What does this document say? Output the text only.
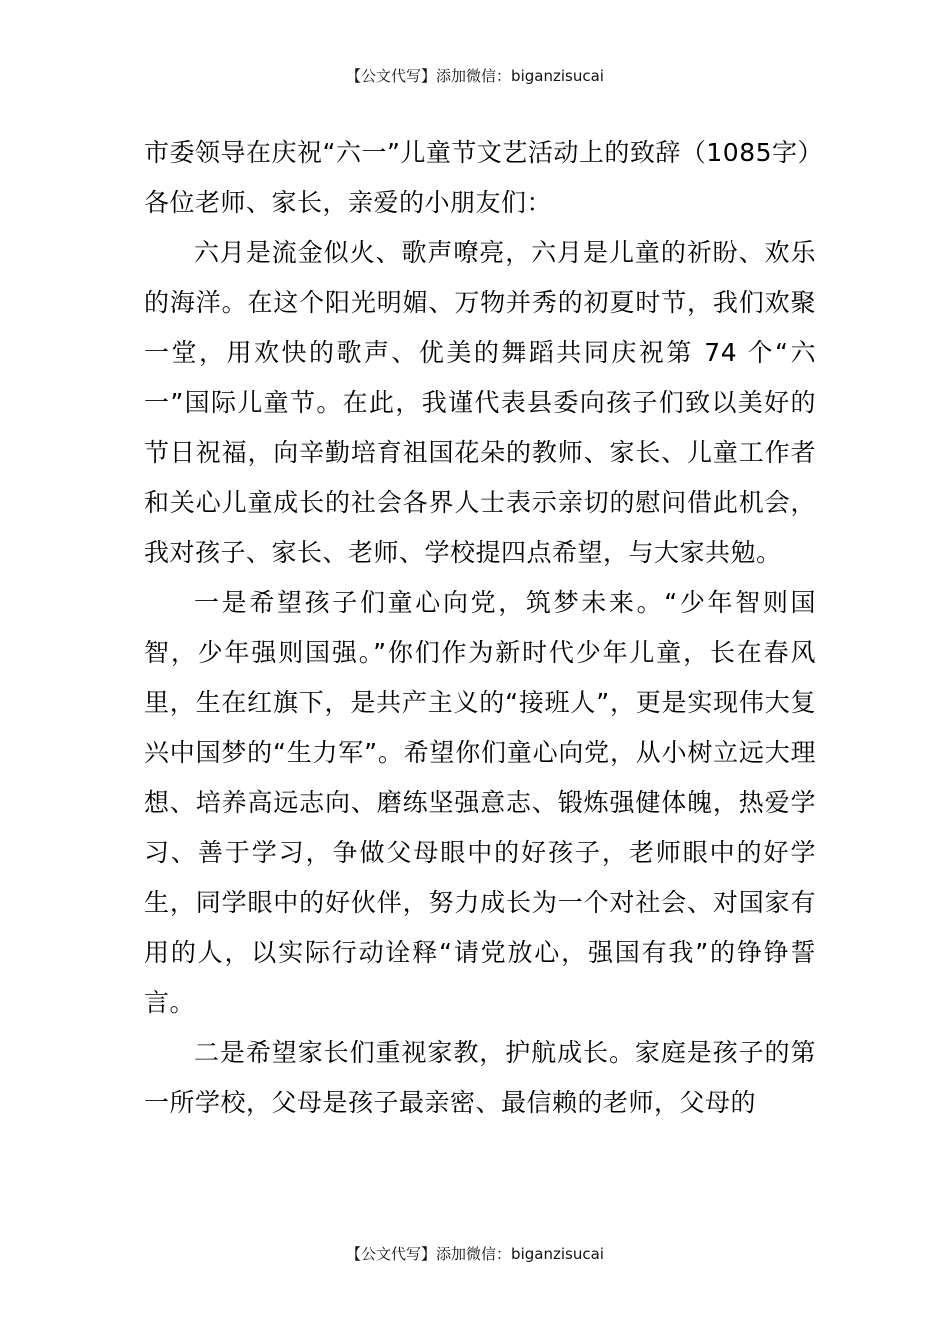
【公文代写】添加微信：biganzisucai
市委领导在庆祝“六一”儿童节文艺活动上的致辞（1085字）

各位老师、家长，亲爱的小朋友们：

六月是流金似火、歌声嘹亮，六月是儿童的祈盼、欢乐的海洋。在这个阳光明媚、万物并秀的初夏时节，我们欢聚一堂，用欢快的歌声、优美的舞蹈共同庆祝第 74 个“六一”国际儿童节。在此，我谨代表县委向孩子们致以美好的节日祝福，向辛勤培育祖国花朵的教师、家长、儿童工作者和关心儿童成长的社会各界人士表示亲切的慰问借此机会，我对孩子、家长、老师、学校提四点希望，与大家共勉。

一是希望孩子们童心向党，筑梦未来。“少年智则国智，少年强则国强。”你们作为新时代少年儿童，长在春风里，生在红旗下，是共产主义的“接班人”，更是实现伟大复兴中国梦的“生力军”。希望你们童心向党，从小树立远大理想、培养高远志向、磨练坚强意志、锻炼强健体魄，热爱学习、善于学习，争做父母眼中的好孩子，老师眼中的好学生，同学眼中的好伙伴，努力成长为一个对社会、对国家有用的人，以实际行动诠释“请党放心，强国有我”的铮铮誓言。

二是希望家长们重视家教，护航成长。家庭是孩子的第一所学校，父母是孩子最亲密、最信赖的老师，父母的

【公文代写】添加微信：biganzisucai
